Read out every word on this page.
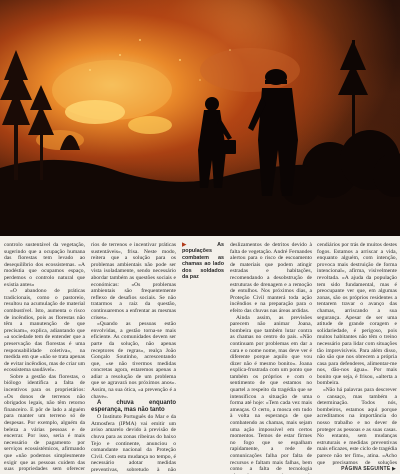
controlo sustentável da vegetação, sugerindo que a ocupação humana das florestas tem levado ao desequilíbrio dos ecossistemas. «A modéstia que ocupamos espaço, perdemos o controlo natural que existia antes»

«O abandono de práticas tradicionais, como o pastoreio, resultou na acumulação de material combustível. Isto, aumenta o risco de incêndios, pois as florestas não têm a manutenção de que precisam», explica, adiantando que «a sociedade tem de entender que a preservação das florestas é uma responsabilidade coletiva», na medida em que «não se trata apenas de evitar incêndios, mas de criar um ecossistema saudável».

Sobre a gestão das florestas, o biólogo identifica a falta de incentivos para os proprietários: «Os donos de terrenos não obrigados legais, não têm retorno financeiro. E pôr de lado a alguém para manter um terreno só de despesas. Por exemplo, alguém da beleza a várias pessoas e de encerrar. Por isso, seria é mais necessário de pagamento por serviços ecossistémicos, afirmando que «não podemos simplesmente exigir que as pessoas cuidem das suas propriedades sem oferecer

rios de terrenos e incentivar práticas sustentáveis», frisa. Neste modo, reitera que a solução para os problemas ambientais não pode ser vista isoladamente, sendo necessário abordar também as questões sociais e económicas: «Os problemas ambientais são frequentemente reflexo de desafios sociais. Se não tratarmos a raiz da questão, continuaremos a enfrentar as mesmas crises».

«Quando as pessoas estão envolvidas, a gestão torna-se mais eficiente. As comunidades devem ser parte da solução, não apenas receptores de regras», realça João Gonçalo Soutinho, acrescentando que, «se não tivermos medidas concretas agora, estaremos apenas a adiar a resolução de um problema que se agravará nos próximos anos». Assim, na sua ótica, «a prevenção é a chave».

A chuva enquanto esperança, mas não tanto

O Instituto Português do Mar e da Atmosfera (IPMA) vai emitir um aviso amarelo devido à previsão de chuva para as zonas ribeiras do baixo Tejo e continente, anunciou o comandante nacional da Proteção Civil. Com esta mudança no tempo, é necessário adotar medidas preventivas, sobretudo à não

▶	As populações combatem as chamas ao lado dos soldados da paz

deslizamentos de detritos devido à falta de vegetação. André Fernandes alertou para o risco de escoamento de materiais que podem atingir estradas e habitações, recomendando a desobstrução de estruturas de drenagem e a remoção de entulhos. Nos próximos dias, a Proteção Civil manterá toda ação incêndios e na preparação para o efeito das chuvas nas áreas ardidas.

Ainda assim, as previsões parecem não animar Joana, bombeira que também lutar contra as chamas no centro do país. «Não continuam por problemas em dar a cara e o nome nome, mas deve ver é diferente porque aquilo que vou dizer não é mesmo bonito». Joana explica-frustrada com um ponto que também os próprios e com o sentimento de que estamos no quartel a respeito da tragédia que se intensificou a situação de uma forma até hoje: «Tem cada vez mais ameaças. O certo, a mosca em tudo à volta na esperança de que combatendo as chamas, mais sejam uma ação impossível em certos momentos. Temos de estar firmes no fogo que se espalham rapidamente, a rede de comunicações falha por falta de recursos e faltam mais falhas, bem como a falta de tecnologia

cendiários por trás de muitos destes fogos. Estamos a arriscar a vida, enquanto alguém, com intenção, provoca mais destruição de forma intencional», afirma, visivelmente revoltada. «A ajuda da população tem sido fundamental, mas é preocupante ver que, em algumas zonas, são os próprios residentes a tentarem travar o avanço das chamas, arriscando a sua segurança. Apesar de ser uma atitude de grande coragem e solidariedade, é perigoso, pois muitos habitantes não têm o treino necessário para lidar com situações tão imprevisíveis. Para além disso, não são que nos obrecem a própria casa para defenderes, alimentar-me nos, dão-nos água». Por mais bonito que seja, é frisou, «alterta a bombeira.

«Não há palavras para descrever o cansaço, mas também a determinação. Todos nós, bombeiros, estamos aqui porque acreditamos na importância do nosso trabalho e no dever de proteger as pessoas e as suas casas. No entanto, sem mudanças estruturais e medidas preventivas mais eficazes, este ciclo de tragédia parece não ter fim», atina. «Acho que precisamos de soluções

PÁGINA SEGUINTE ▶
